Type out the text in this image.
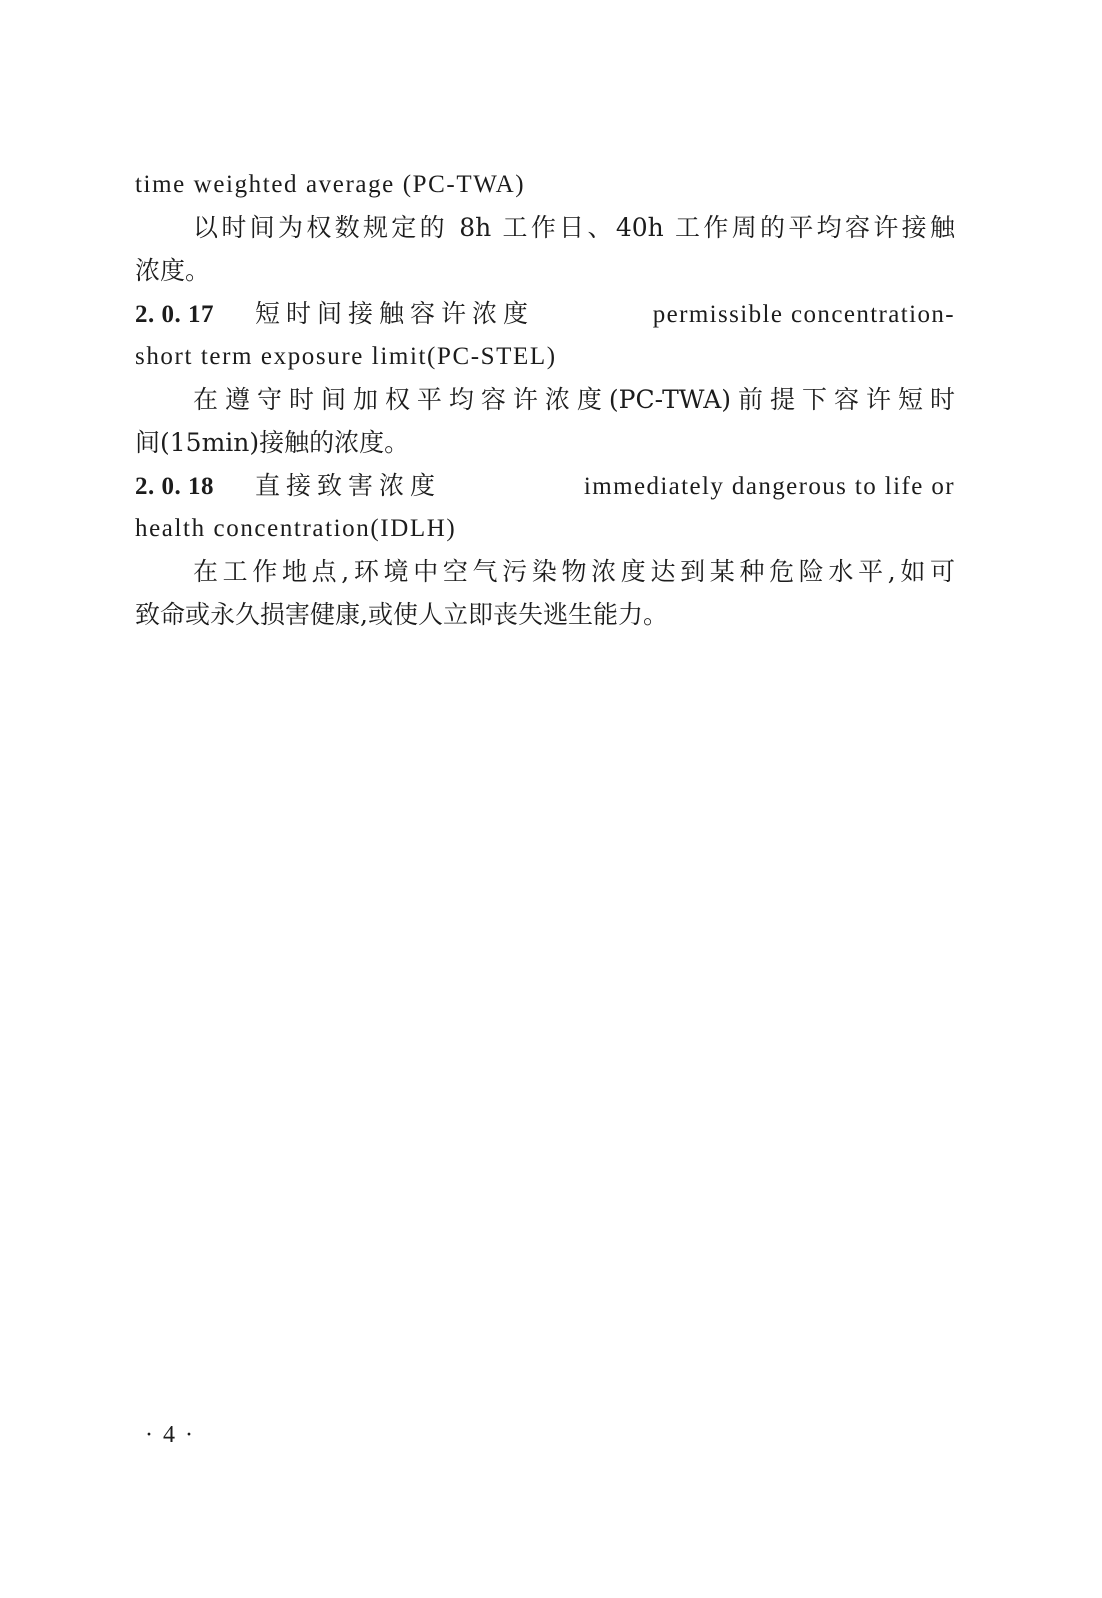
time weighted average (PC-TWA)
以时间为权数规定的 8h 工作日、40h 工作周的平均容许接触
浓度。
2. 0. 17 短时间接触容许浓度	permissible concentration-
short term exposure limit(PC-STEL)
在遵守时间加权平均容许浓度(PC-TWA)前提下容许短时
间(15min)接触的浓度。
2. 0. 18 直接致害浓度	immediately dangerous to life or
health concentration(IDLH)
在工作地点,环境中空气污染物浓度达到某种危险水平,如可
致命或永久损害健康,或使人立即丧失逃生能力。
· 4 ·
